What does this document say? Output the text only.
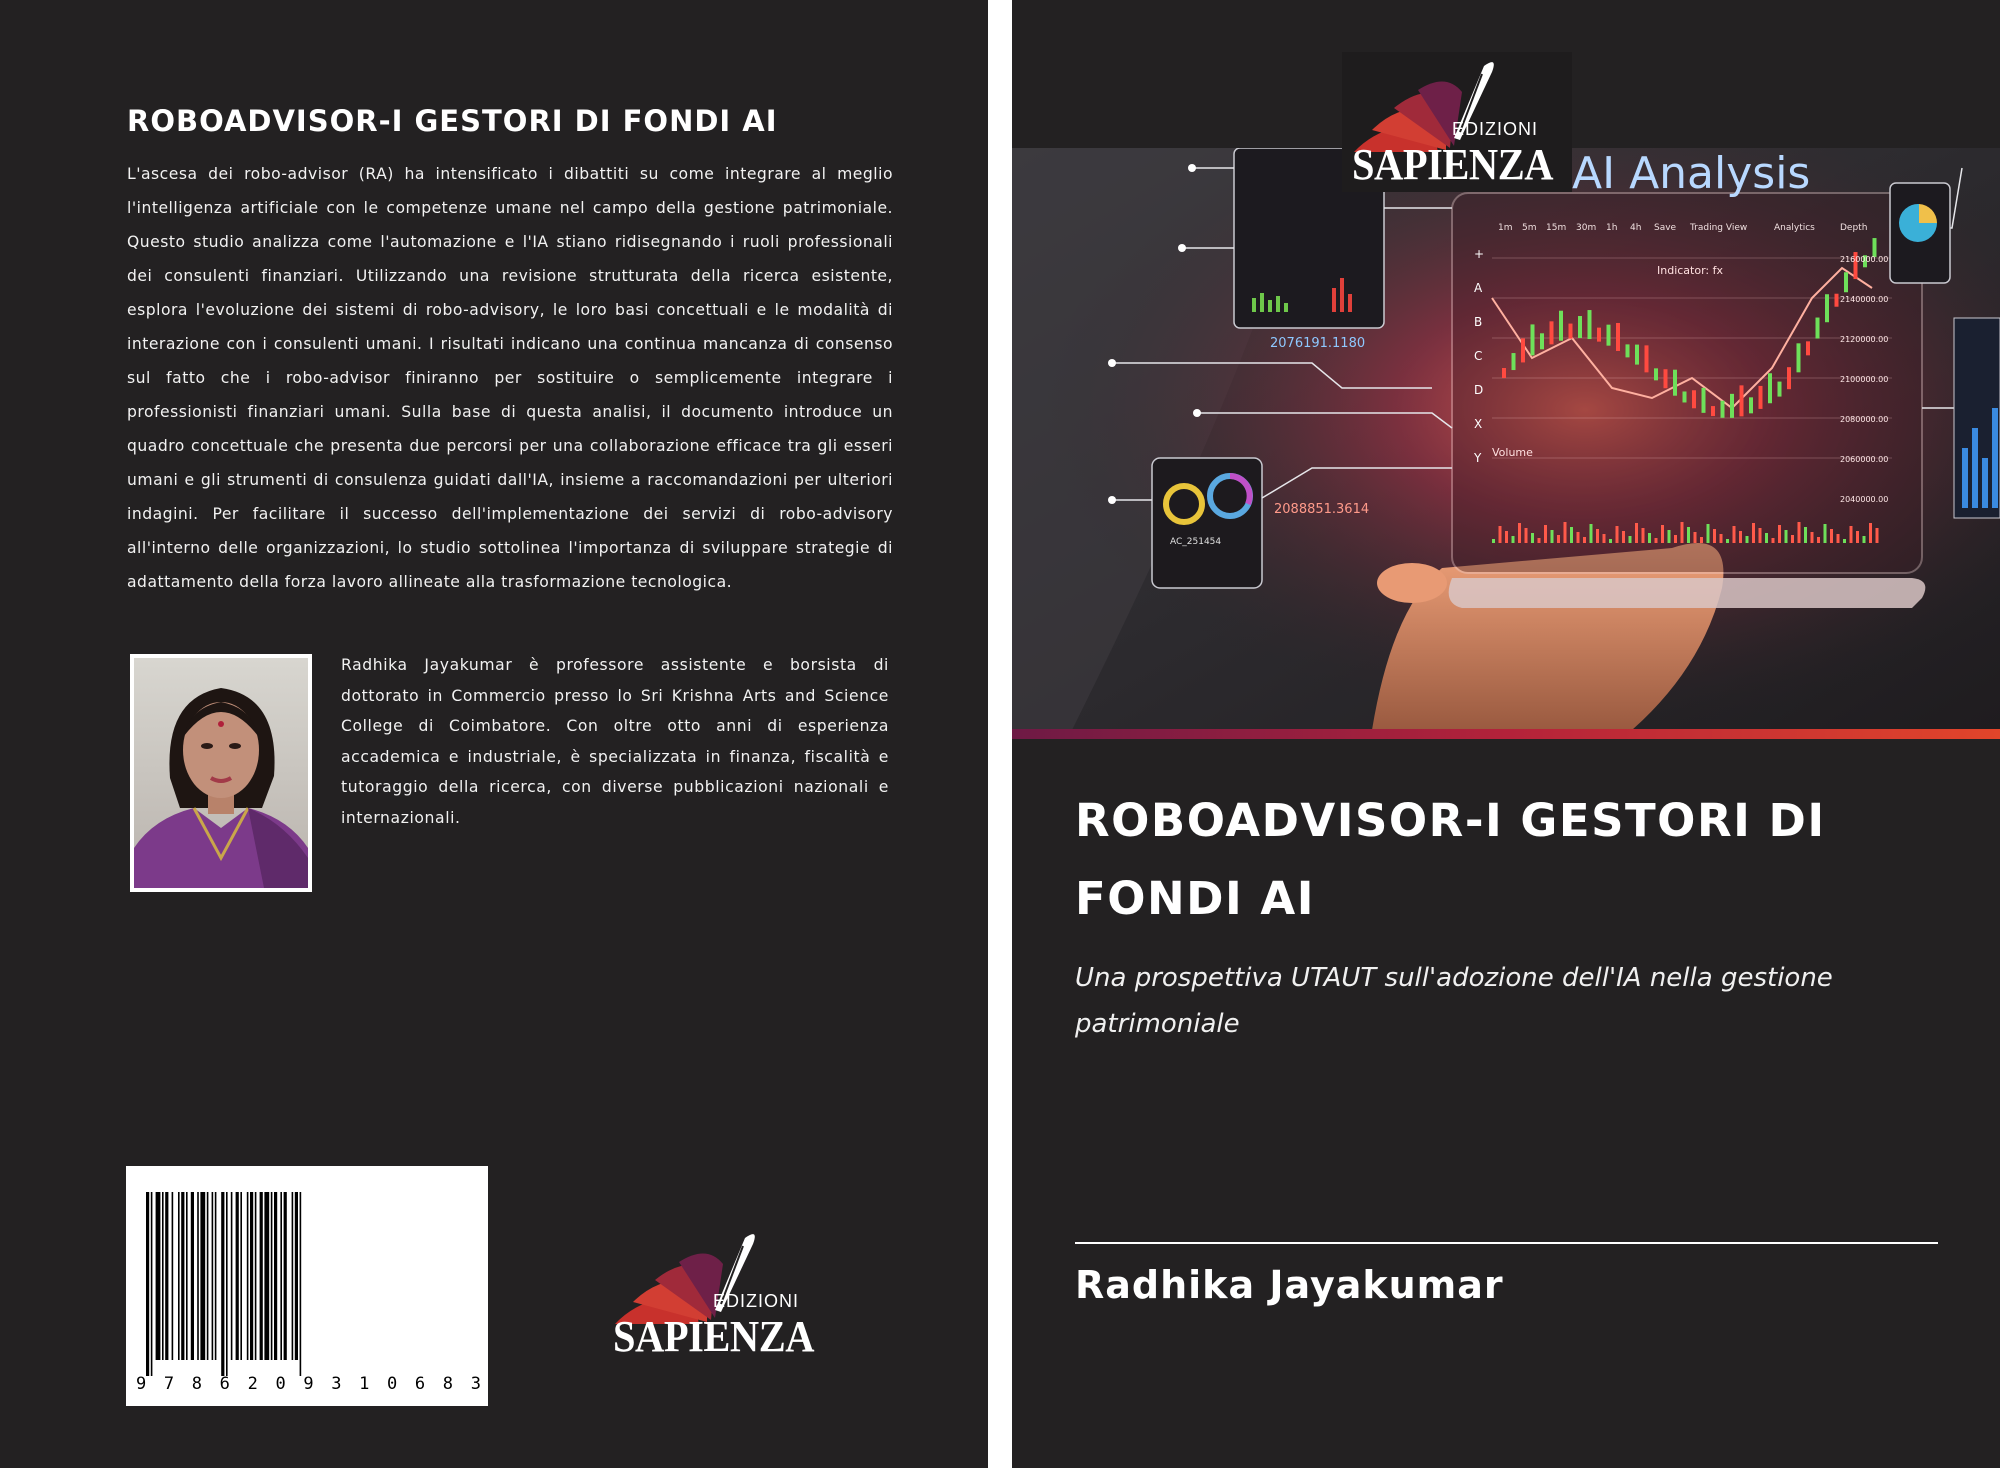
ROBOADVISOR-I GESTORI DI FONDI AI

L'ascesa dei robo-advisor (RA) ha intensificato i dibattiti su come integrare al meglio l'intelligenza artificiale con le competenze umane nel campo della gestione patrimoniale. Questo studio analizza come l'automazione e l'IA stiano ridisegnando i ruoli professionali dei consulenti finanziari. Utilizzando una revisione strutturata della ricerca esistente, esplora l'evoluzione dei sistemi di robo-advisory, le loro basi concettuali e le modalità di interazione con i consulenti umani. I risultati indicano una continua mancanza di consenso sul fatto che i robo-advisor finiranno per sostituire o semplicemente integrare i professionisti finanziari umani. Sulla base di questa analisi, il documento introduce un quadro concettuale che presenta due percorsi per una collaborazione efficace tra gli esseri umani e gli strumenti di consulenza guidati dall'IA, insieme a raccomandazioni per ulteriori indagini. Per facilitare il successo dell'implementazione dei servizi di robo-advisory all'interno delle organizzazioni, lo studio sottolinea l'importanza di sviluppare strategie di adattamento della forza lavoro allineate alla trasformazione tecnologica.

Radhika Jayakumar è professore assistente e borsista di dottorato in Commercio presso lo Sri Krishna Arts and Science College di Coimbatore. Con oltre otto anni di esperienza accademica e industriale, è specializzata in finanza, fiscalità e tutoraggio della ricerca, con diverse pubblicazioni nazionali e internazionali.

9 7 8 6 2 0 9 3 1 0 6 8 3
EDIZIONI
SAPIENZA
AI Analysis
2076191.1180
2088851.3614
AC_251454
Indicator: fx
Volume
1m 5m 15m 30m 1h 4h Save Trading View	Analytics	Depth
+
A
B
C
D
X
Y
2160000.00
2140000.00
2120000.00
2100000.00
2080000.00
2060000.00
2040000.00
EDIZIONI
SAPIENZA
ROBOADVISOR-I GESTORI DI FONDI AI

Una prospettiva UTAUT sull'adozione dell'IA nella gestione patrimoniale

Radhika Jayakumar
